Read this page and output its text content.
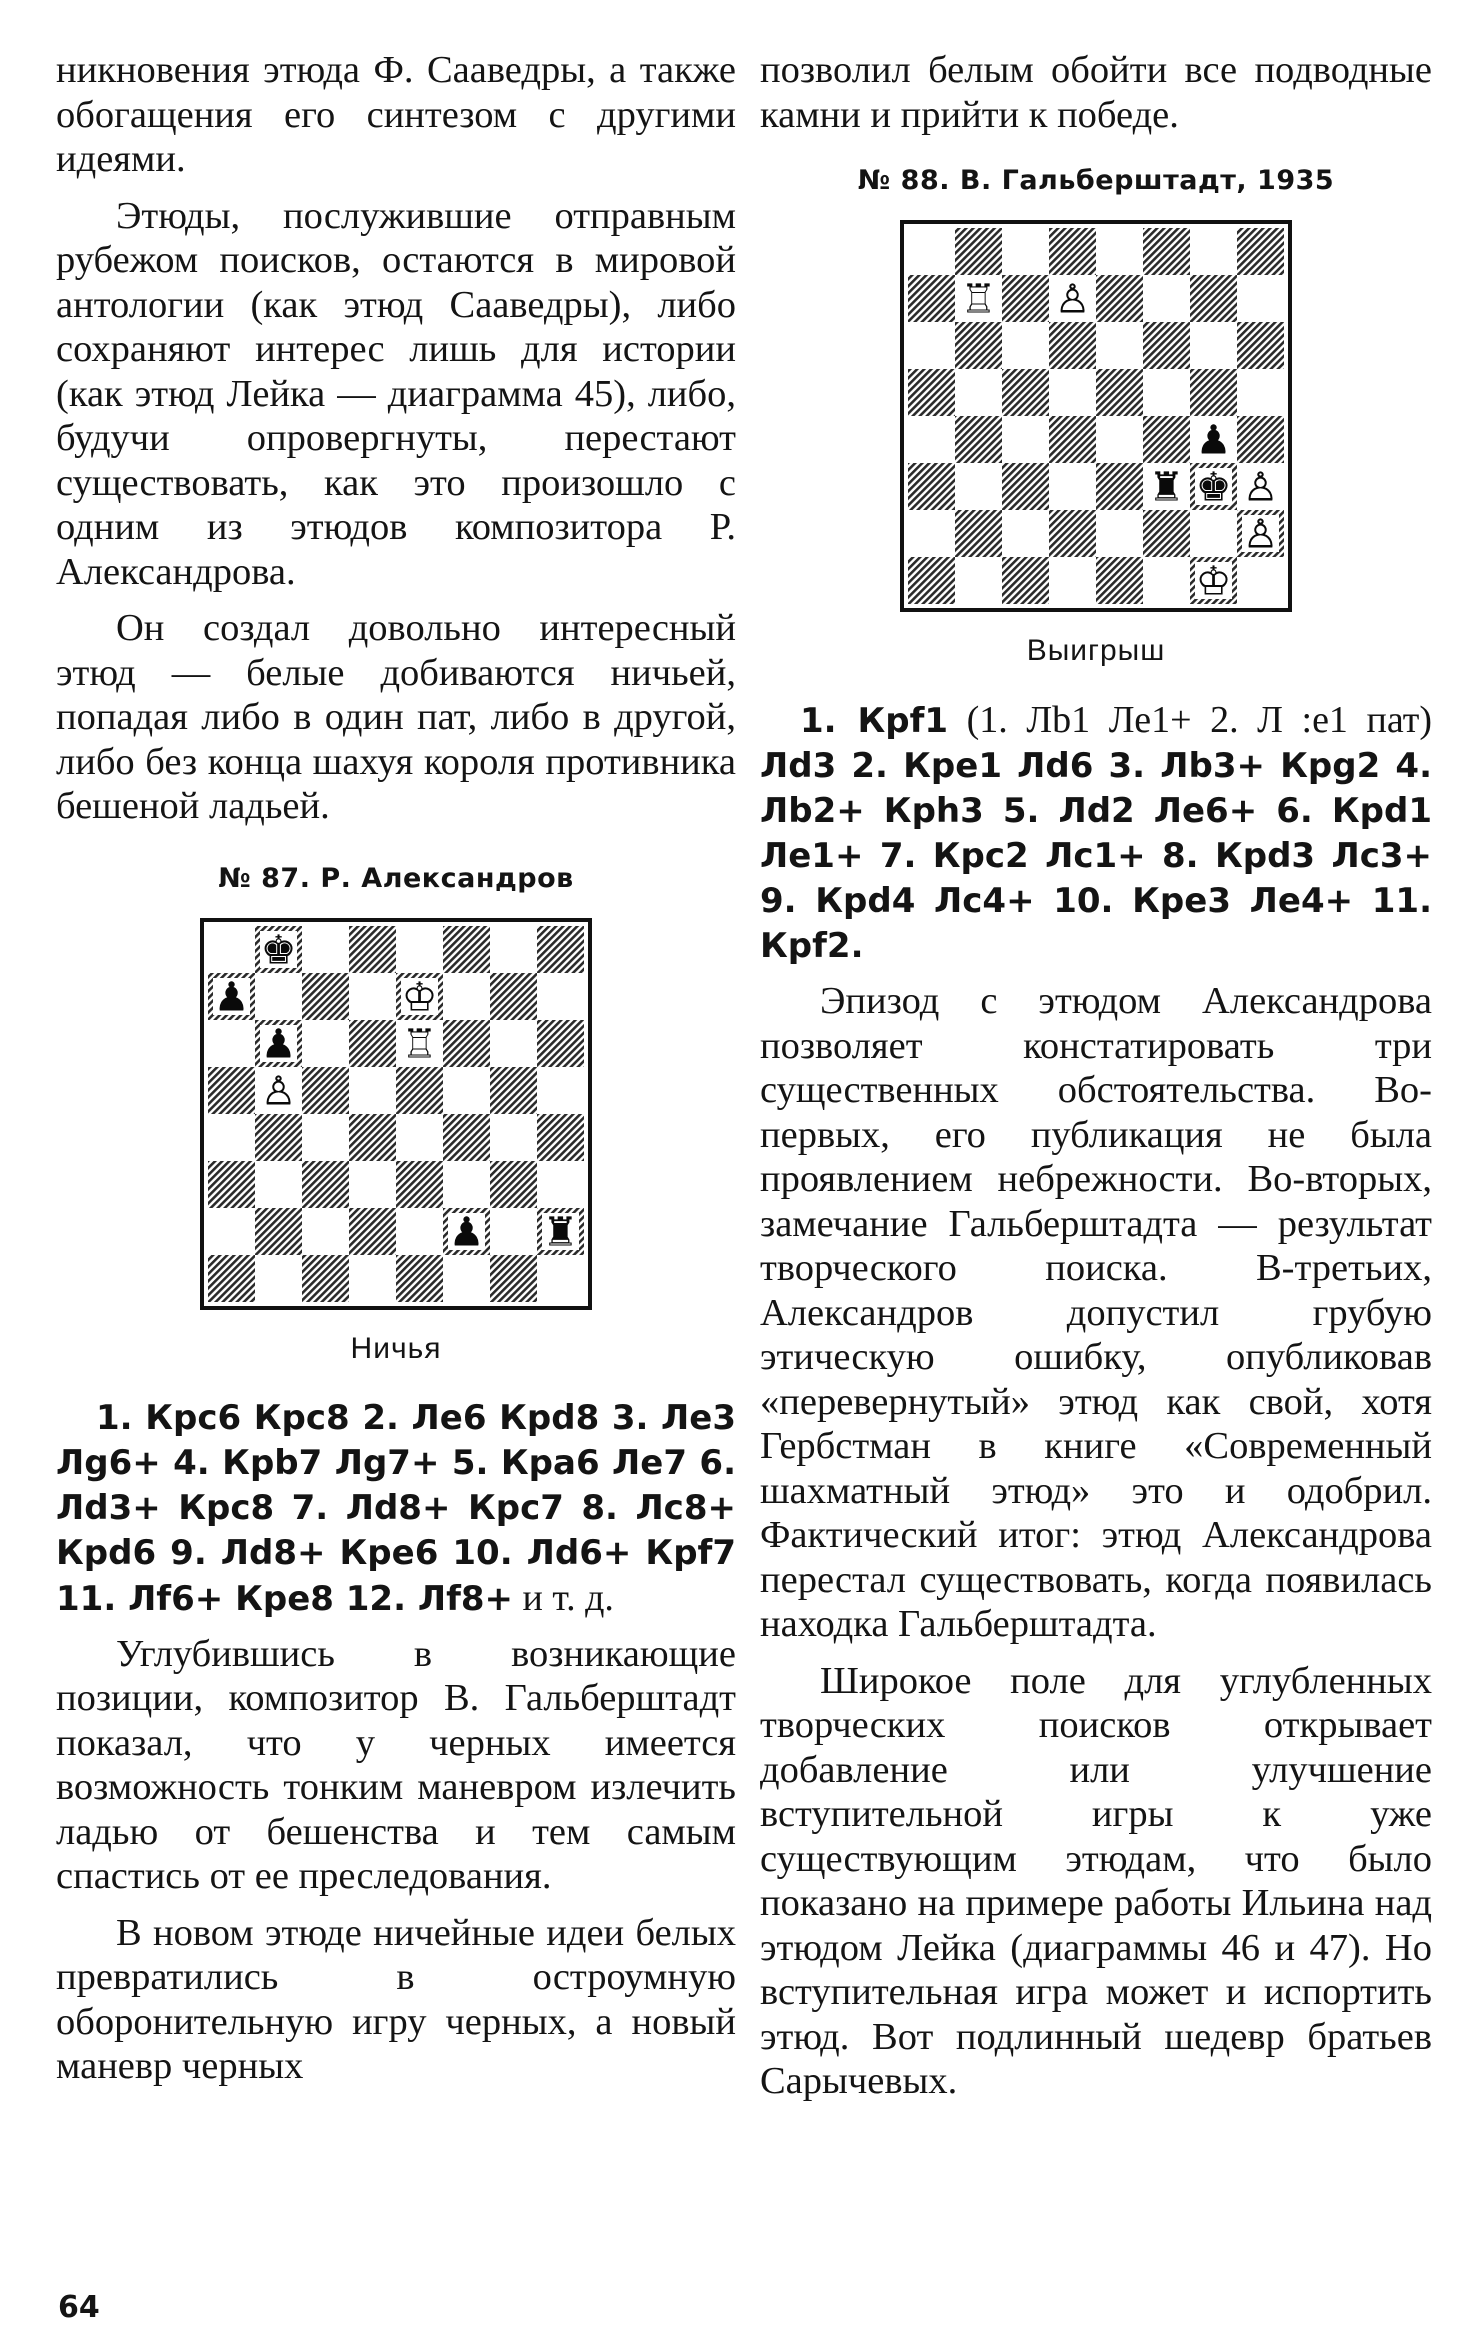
никновения этюда Ф. Сааведры, а также обогащения его синтезом с другими идеями.

Этюды, послужившие отправным рубежом поисков, остаются в мировой антологии (как этюд Сааведры), либо сохраняют интерес лишь для истории (как этюд Лейка — диаграмма 45), либо, будучи опровергнуты, перестают существовать, как это произошло с одним из этюдов композитора Р. Александрова.

Он создал довольно интересный этюд — белые добиваются ничьей, попадая либо в один пат, либо в другой, либо без конца шахуя короля противника бешеной ладьей.

№ 87. Р. Александров
♚
♟	♔
♟	♖
♙
♟ ♜
Ничья

1. Крс6 Крс8 2. Ле6 Крd8 3. Ле3 Лg6+ 4. Крb7 Лg7+ 5. Кра6 Ле7 6. Лd3+ Крс8 7. Лd8+ Крс7 8. Лс8+ Крd6 9. Лd8+ Кре6 10. Лd6+ Крf7 11. Лf6+ Кре8 12. Лf8+ и т. д.

Углубившись в возникающие позиции, композитор В. Гальберштадт показал, что у черных имеется возможность тонким маневром излечить ладью от бешенства и тем самым спастись от ее преследования.

В новом этюде ничейные идеи белых превратились в остроумную оборонительную игру черных, а новый маневр черных

позволил белым обойти все подводные камни и прийти к победе.

№ 88. В. Гальберштадт, 1935
♖ ♙
♟
♜ ♚ ♙
♙
♔
Выигрыш

1. Крf1 (1. Лb1 Ле1+ 2. Л :е1 пат) Лd3 2. Кре1 Лd6 3. Лb3+ Крg2 4. Лb2+ Крh3 5. Лd2 Ле6+ 6. Крd1 Ле1+ 7. Крс2 Лс1+ 8. Крd3 Лс3+ 9. Крd4 Лс4+ 10. Кре3 Ле4+ 11. Крf2.

Эпизод с этюдом Александрова позволяет констатировать три существенных обстоятельства. Во-первых, его публикация не была проявлением небрежности. Во-вторых, замечание Гальберштадта — результат творческого поиска. В-третьих, Александров допустил грубую этическую ошибку, опубликовав «перевернутый» этюд как свой, хотя Гербстман в книге «Современный шахматный этюд» это и одобрил. Фактический итог: этюд Александрова перестал существовать, когда появилась находка Гальберштадта.

Широкое поле для углубленных творческих поисков открывает добавление или улучшение вступительной игры к уже существующим этюдам, что было показано на примере работы Ильина над этюдом Лейка (диаграммы 46 и 47). Но вступительная игра может и испортить этюд. Вот подлинный шедевр братьев Сарычевых.

64
